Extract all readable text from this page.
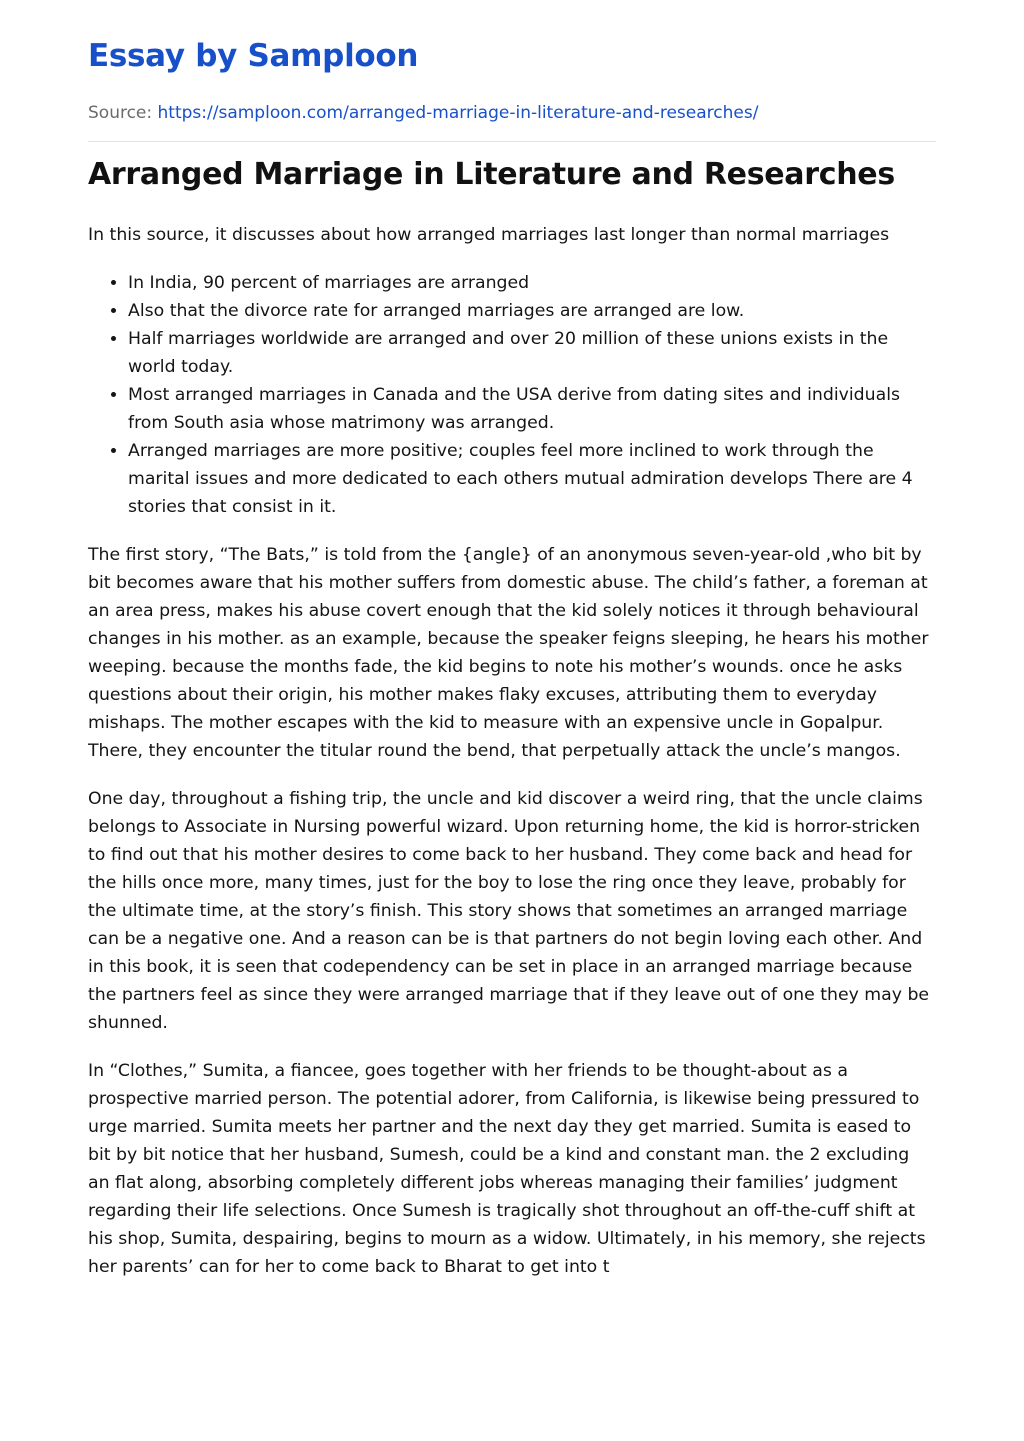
Essay by Samploon

Source: https://samploon.com/arranged-marriage-in-literature-and-researches/

Arranged Marriage in Literature and Researches

In this source, it discusses about how arranged marriages last longer than normal marriages

• In India, 90 percent of marriages are arranged
• Also that the divorce rate for arranged marriages are arranged are low.
• Half marriages worldwide are arranged and over 20 million of these unions exists in the world today.
• Most arranged marriages in Canada and the USA derive from dating sites and individuals from South asia whose matrimony was arranged.
• Arranged marriages are more positive; couples feel more inclined to work through the marital issues and more dedicated to each others mutual admiration develops There are 4 stories that consist in it.

The first story, “The Bats,” is told from the {angle} of an anonymous seven-year-old ,who bit by bit becomes aware that his mother suffers from domestic abuse. The child’s father, a foreman at an area press, makes his abuse covert enough that the kid solely notices it through behavioural changes in his mother. as an example, because the speaker feigns sleeping, he hears his mother weeping. because the months fade, the kid begins to note his mother’s wounds. once he asks questions about their origin, his mother makes flaky excuses, attributing them to everyday mishaps. The mother escapes with the kid to measure with an expensive uncle in Gopalpur. There, they encounter the titular round the bend, that perpetually attack the uncle’s mangos.

One day, throughout a fishing trip, the uncle and kid discover a weird ring, that the uncle claims belongs to Associate in Nursing powerful wizard. Upon returning home, the kid is horror-stricken to find out that his mother desires to come back to her husband. They come back and head for the hills once more, many times, just for the boy to lose the ring once they leave, probably for the ultimate time, at the story’s finish. This story shows that sometimes an arranged marriage can be a negative one. And a reason can be is that partners do not begin loving each other. And in this book, it is seen that codependency can be set in place in an arranged marriage because the partners feel as since they were arranged marriage that if they leave out of one they may be shunned.

In “Clothes,” Sumita, a fiancee, goes together with her friends to be thought-about as a prospective married person. The potential adorer, from California, is likewise being pressured to urge married. Sumita meets her partner and the next day they get married. Sumita is eased to bit by bit notice that her husband, Sumesh, could be a kind and constant man. the 2 excluding an flat along, absorbing completely different jobs whereas managing their families’ judgment regarding their life selections. Once Sumesh is tragically shot throughout an off-the-cuff shift at his shop, Sumita, despairing, begins to mourn as a widow. Ultimately, in his memory, she rejects her parents’ can for her to come back to Bharat to get into t
